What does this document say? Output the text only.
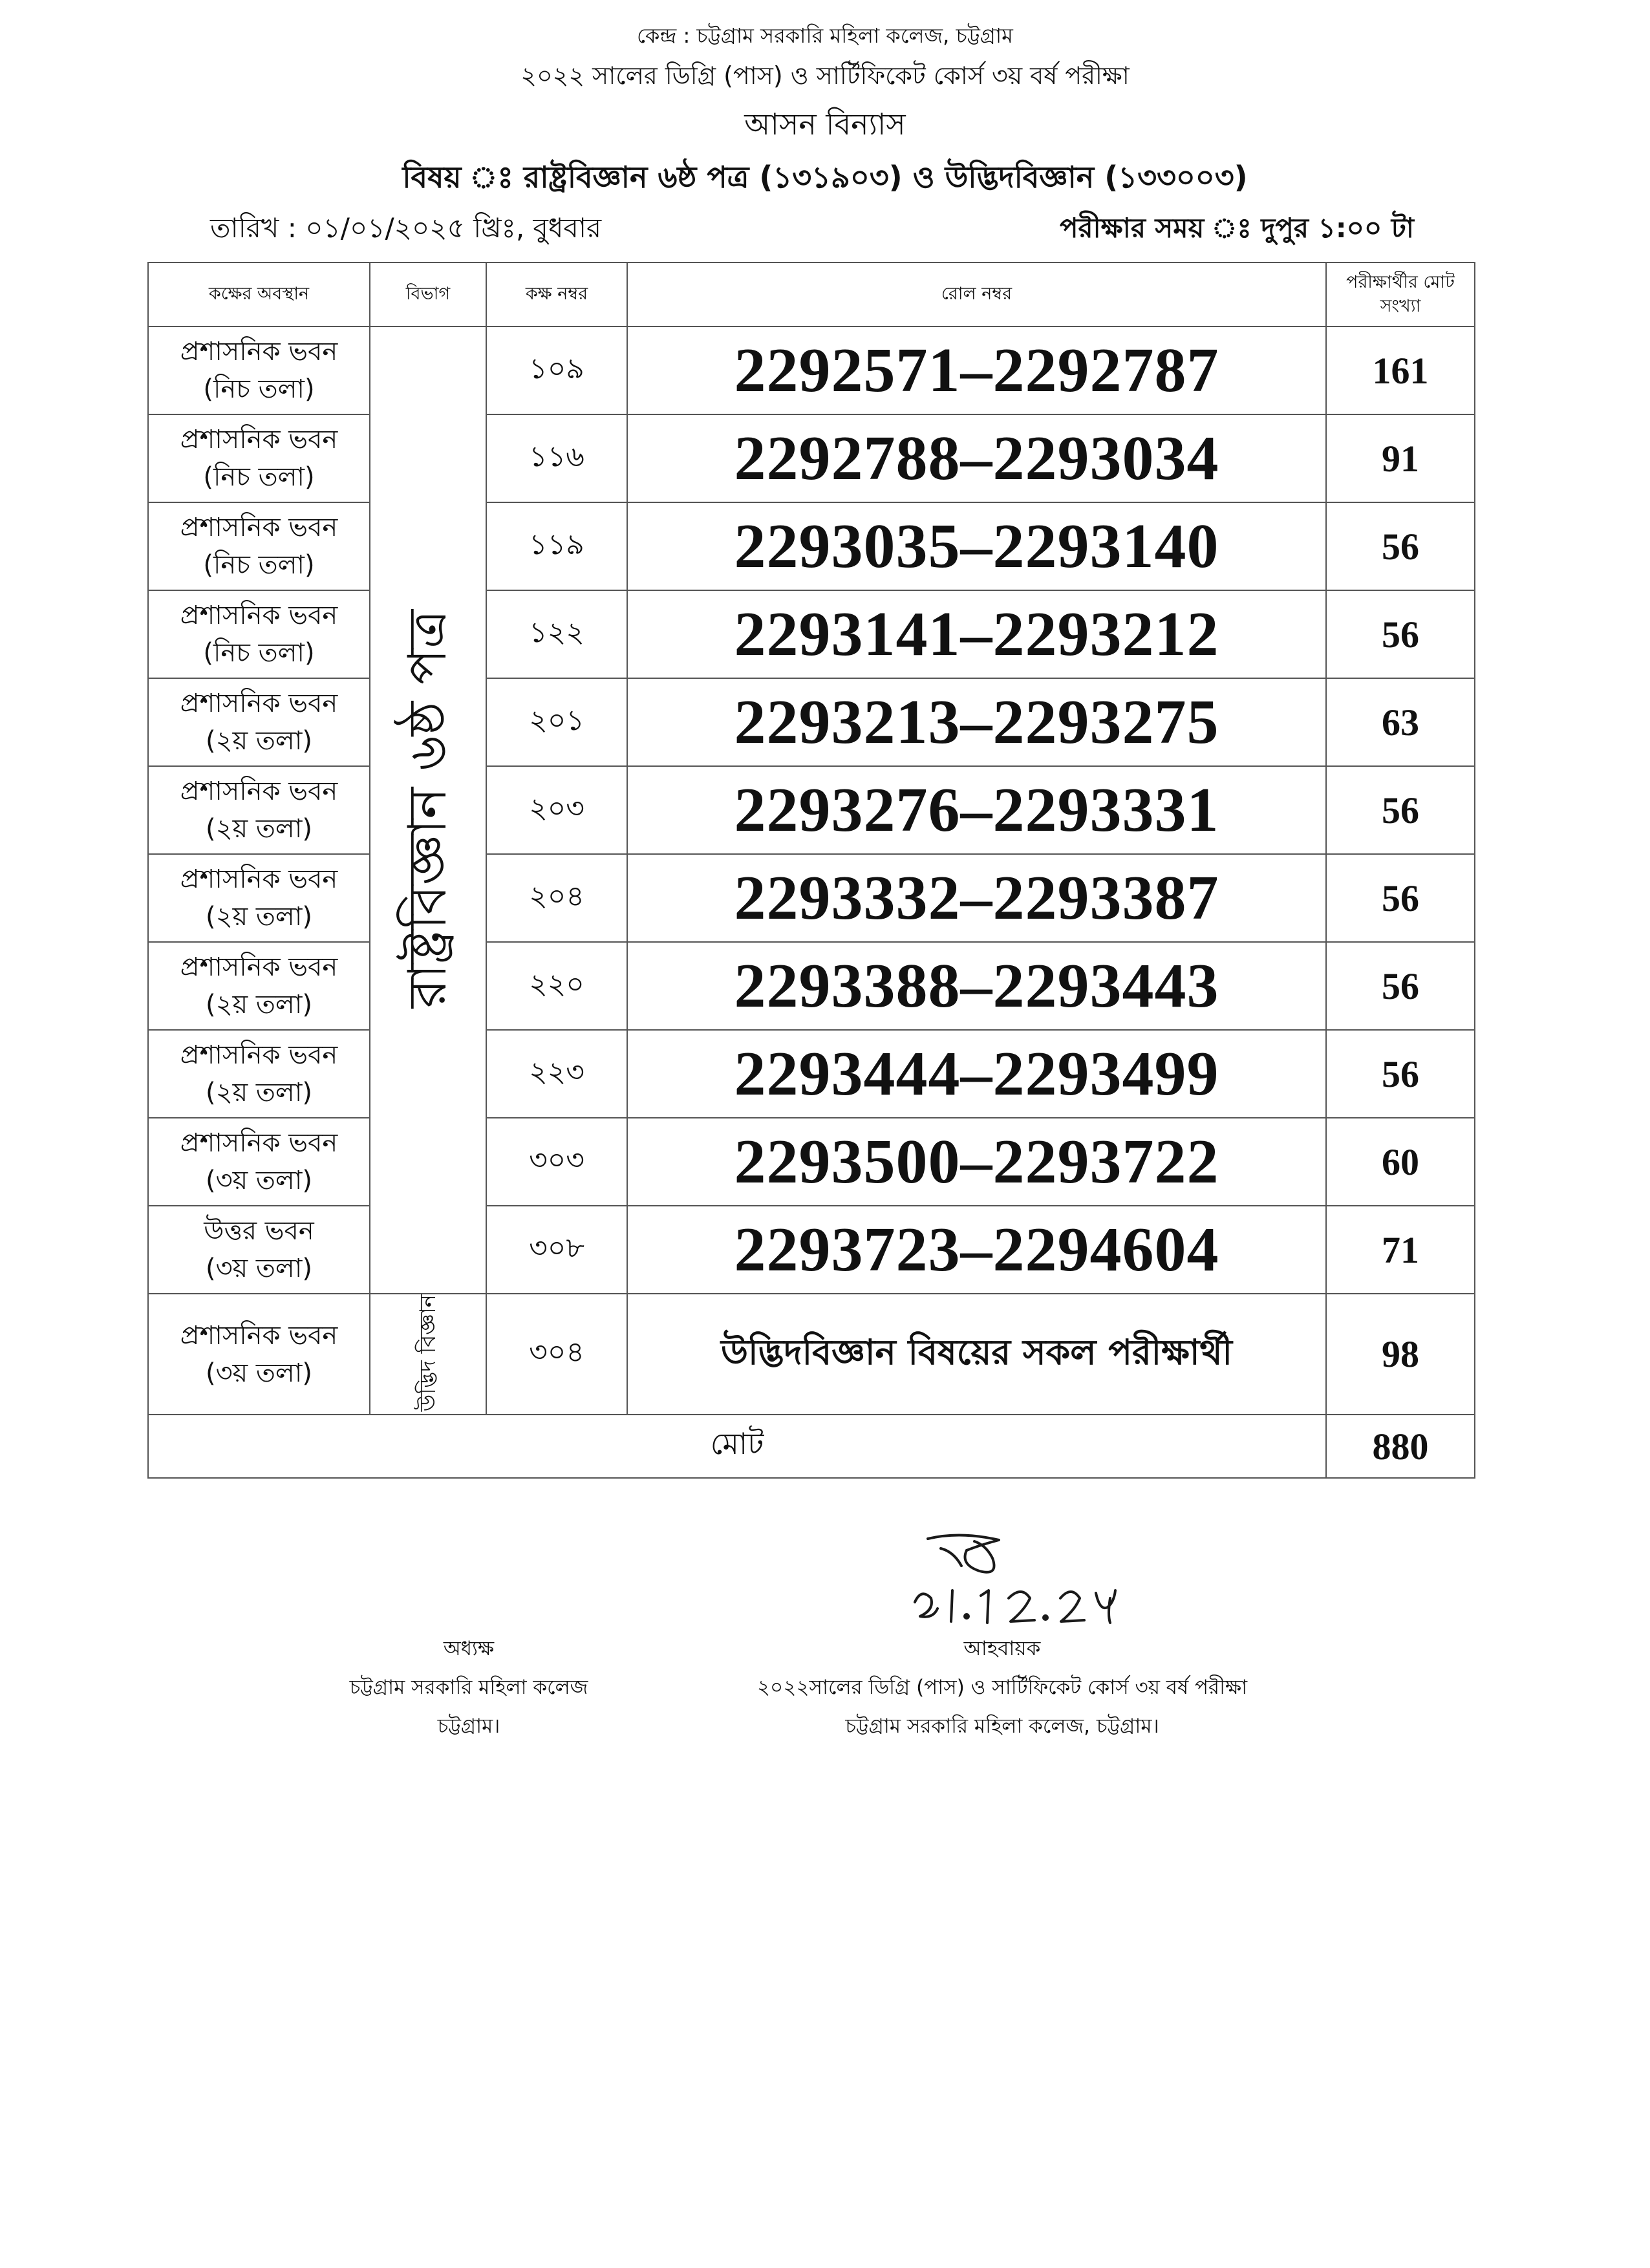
কেন্দ্র : চট্টগ্রাম সরকারি মহিলা কলেজ, চট্টগ্রাম
২০২২ সালের ডিগ্রি (পাস) ও সার্টিফিকেট কোর্স ৩য় বর্ষ পরীক্ষা
আসন বিন্যাস
বিষয় ঃ রাষ্ট্রবিজ্ঞান ৬ষ্ঠ পত্র (১৩১৯০৩) ও উদ্ভিদবিজ্ঞান (১৩৩০০৩)
তারিখ : ০১/০১/২০২৫ খ্রিঃ, বুধবার	পরীক্ষার সময় ঃ দুপুর ১:০০ টা
কক্ষের অবস্থান	বিভাগ	কক্ষ নম্বর	রোল নম্বর	পরীক্ষার্থীর মোট সংখ্যা

প্রশাসনিক ভবন
(নিচ তলা)	রাষ্ট্রবিজ্ঞান ৬ষ্ঠ পত্র	১০৯	2292571–2292787	161

প্রশাসনিক ভবন
(নিচ তলা)		১১৬	2292788–2293034	91

প্রশাসনিক ভবন
(নিচ তলা)		১১৯	2293035–2293140	56

প্রশাসনিক ভবন
(নিচ তলা)		১২২	2293141–2293212	56

প্রশাসনিক ভবন
(২য় তলা)		২০১	2293213–2293275	63

প্রশাসনিক ভবন
(২য় তলা)		২০৩	2293276–2293331	56

প্রশাসনিক ভবন
(২য় তলা)		২০৪	2293332–2293387	56

প্রশাসনিক ভবন
(২য় তলা)		২২০	2293388–2293443	56

প্রশাসনিক ভবন
(২য় তলা)		২২৩	2293444–2293499	56

প্রশাসনিক ভবন
(৩য় তলা)		৩০৩	2293500–2293722	60

উত্তর ভবন
(৩য় তলা)		৩০৮	2293723–2294604	71

প্রশাসনিক ভবন
(৩য় তলা)	উদ্ভিদ বিজ্ঞান	৩০৪	উদ্ভিদবিজ্ঞান বিষয়ের সকল পরীক্ষার্থী	98
মোট				880
অধ্যক্ষ
চট্টগ্রাম সরকারি মহিলা কলেজ
চট্টগ্রাম।
আহবায়ক
২০২২সালের ডিগ্রি (পাস) ও সার্টিফিকেট কোর্স ৩য় বর্ষ পরীক্ষা
চট্টগ্রাম সরকারি মহিলা কলেজ, চট্টগ্রাম।
